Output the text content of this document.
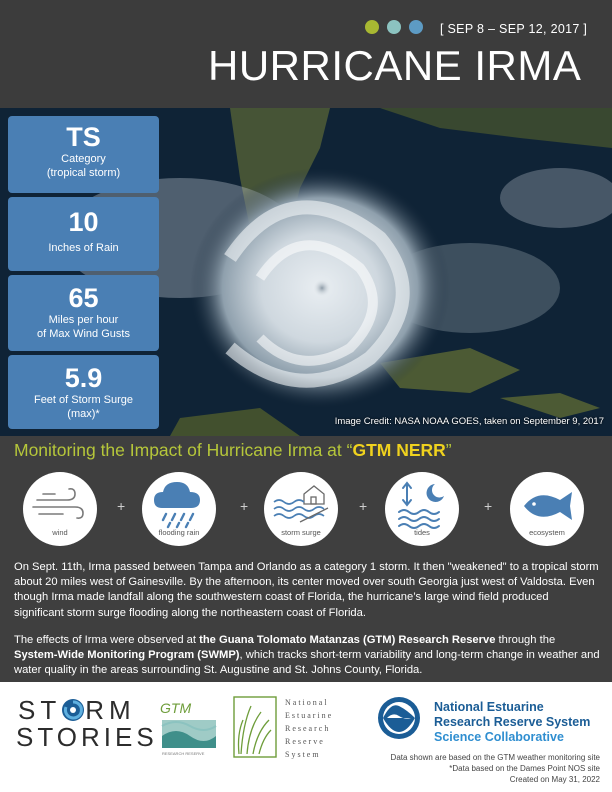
[ SEP 8 – SEP 12, 2017 ]
HURRICANE IRMA
TS
Category
(tropical storm)
10
Inches of Rain
65
Miles per hour
of Max Wind Gusts
5.9
Feet of Storm Surge
(max)*
Image Credit: NASA NOAA GOES, taken on September 9, 2017
Monitoring the Impact of Hurricane Irma at “GTM NERR”
wind
+
flooding rain
+
storm surge
+
tides
+
ecosystem

On Sept. 11th, Irma passed between Tampa and Orlando as a category 1 storm. It then "weakened" to a tropical storm about 20 miles west of Gainesville. By the afternoon, its center moved over south Georgia just west of Valdosta. Even though Irma made landfall along the southwestern coast of Florida, the hurricane’s large wind field produced significant storm surge flooding along the northeastern coast of Florida.

The effects of Irma were observed at the Guana Tolomato Matanzas (GTM) Research Reserve through the System-Wide Monitoring Program (SWMP), which tracks short-term variability and long-term change in weather and water quality in the areas surrounding St. Augustine and St. Johns County, Florida.

ST RM
STORIES
GTM
RESEARCH RESERVE
National
Estuarine
Research
Reserve
System
National Estuarine
Research Reserve System
Science Collaborative
Data shown are based on the GTM weather monitoring site
*Data based on the Dames Point NOS site
Created on May 31, 2022
